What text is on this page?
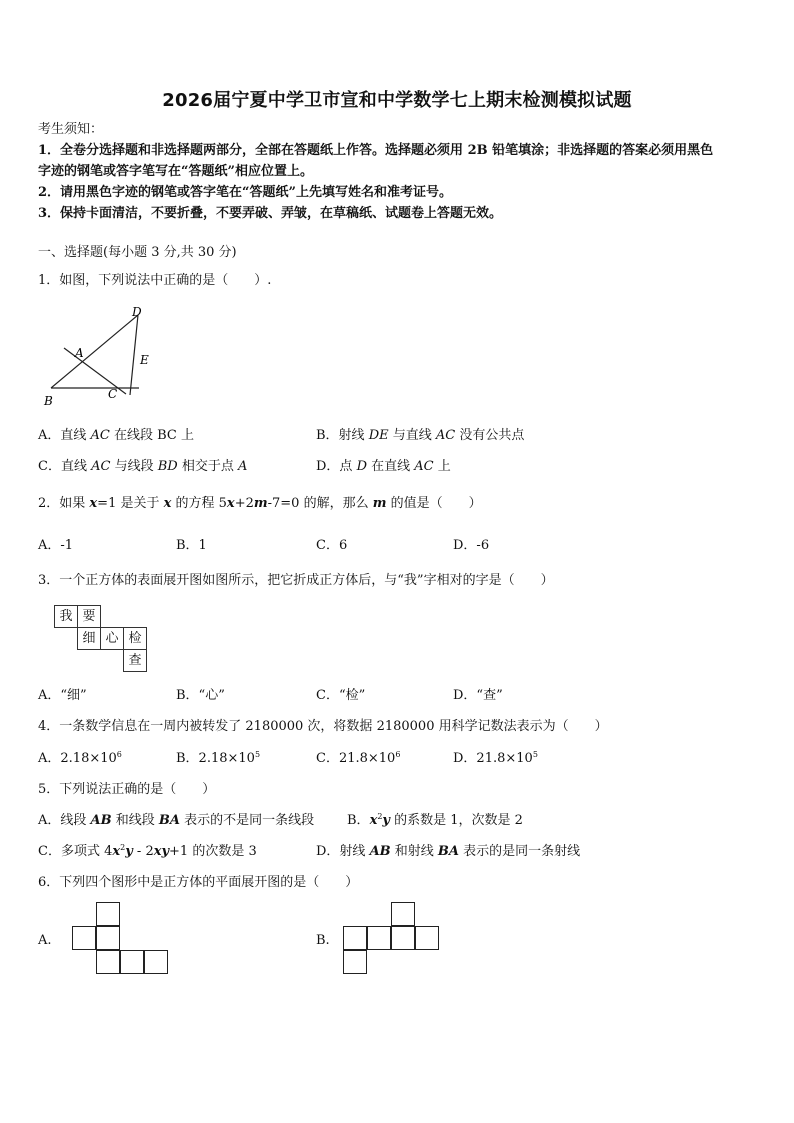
2026届宁夏中学卫市宣和中学数学七上期末检测模拟试题
考生须知：
1．全卷分选择题和非选择题两部分，全部在答题纸上作答。选择题必须用 2B 铅笔填涂；非选择题的答案必须用黑色
字迹的钢笔或答字笔写在“答题纸”相应位置上。
2．请用黑色字迹的钢笔或答字笔在“答题纸”上先填写姓名和准考证号。
3．保持卡面清洁，不要折叠，不要弄破、弄皱，在草稿纸、试题卷上答题无效。
一、选择题(每小题 3 分,共 30 分)
1．如图，下列说法中正确的是（　　）.
B	C
A
D
E
A．直线 AC 在线段 BC 上	B．射线 DE 与直线 AC 没有公共点
C．直线 AC 与线段 BD 相交于点 A	D．点 D 在直线 AC 上
2．如果 x=1 是关于 x 的方程 5x+2m-7=0 的解，那么 m 的值是（　　）
A．-1	B．1	C．6	D．-6
3．一个正方体的表面展开图如图所示，把它折成正方体后，与“我”字相对的字是（　　）
我	要		
	细	心	检
			查
A．“细”	B．“心”	C．“检”	D．“查”
4．一条数学信息在一周内被转发了 2180000 次，将数据 2180000 用科学记数法表示为（　　）
A．$2.18\times 10^6$	B．$2.18\times 10^5$	C．$21.8\times 10^6$	D．$21.8\times 10^5$
5．下列说法正确的是（　　）
A．线段 AB 和线段 BA 表示的不是同一条线段	B．$x^2y$ 的系数是 1，次数是 2
C．多项式 $4x^2y - 2xy+1$ 的次数是 3	D．射线 AB 和射线 BA 表示的是同一条射线
6．下列四个图形中是正方体的平面展开图的是（　　）
A.	B.
